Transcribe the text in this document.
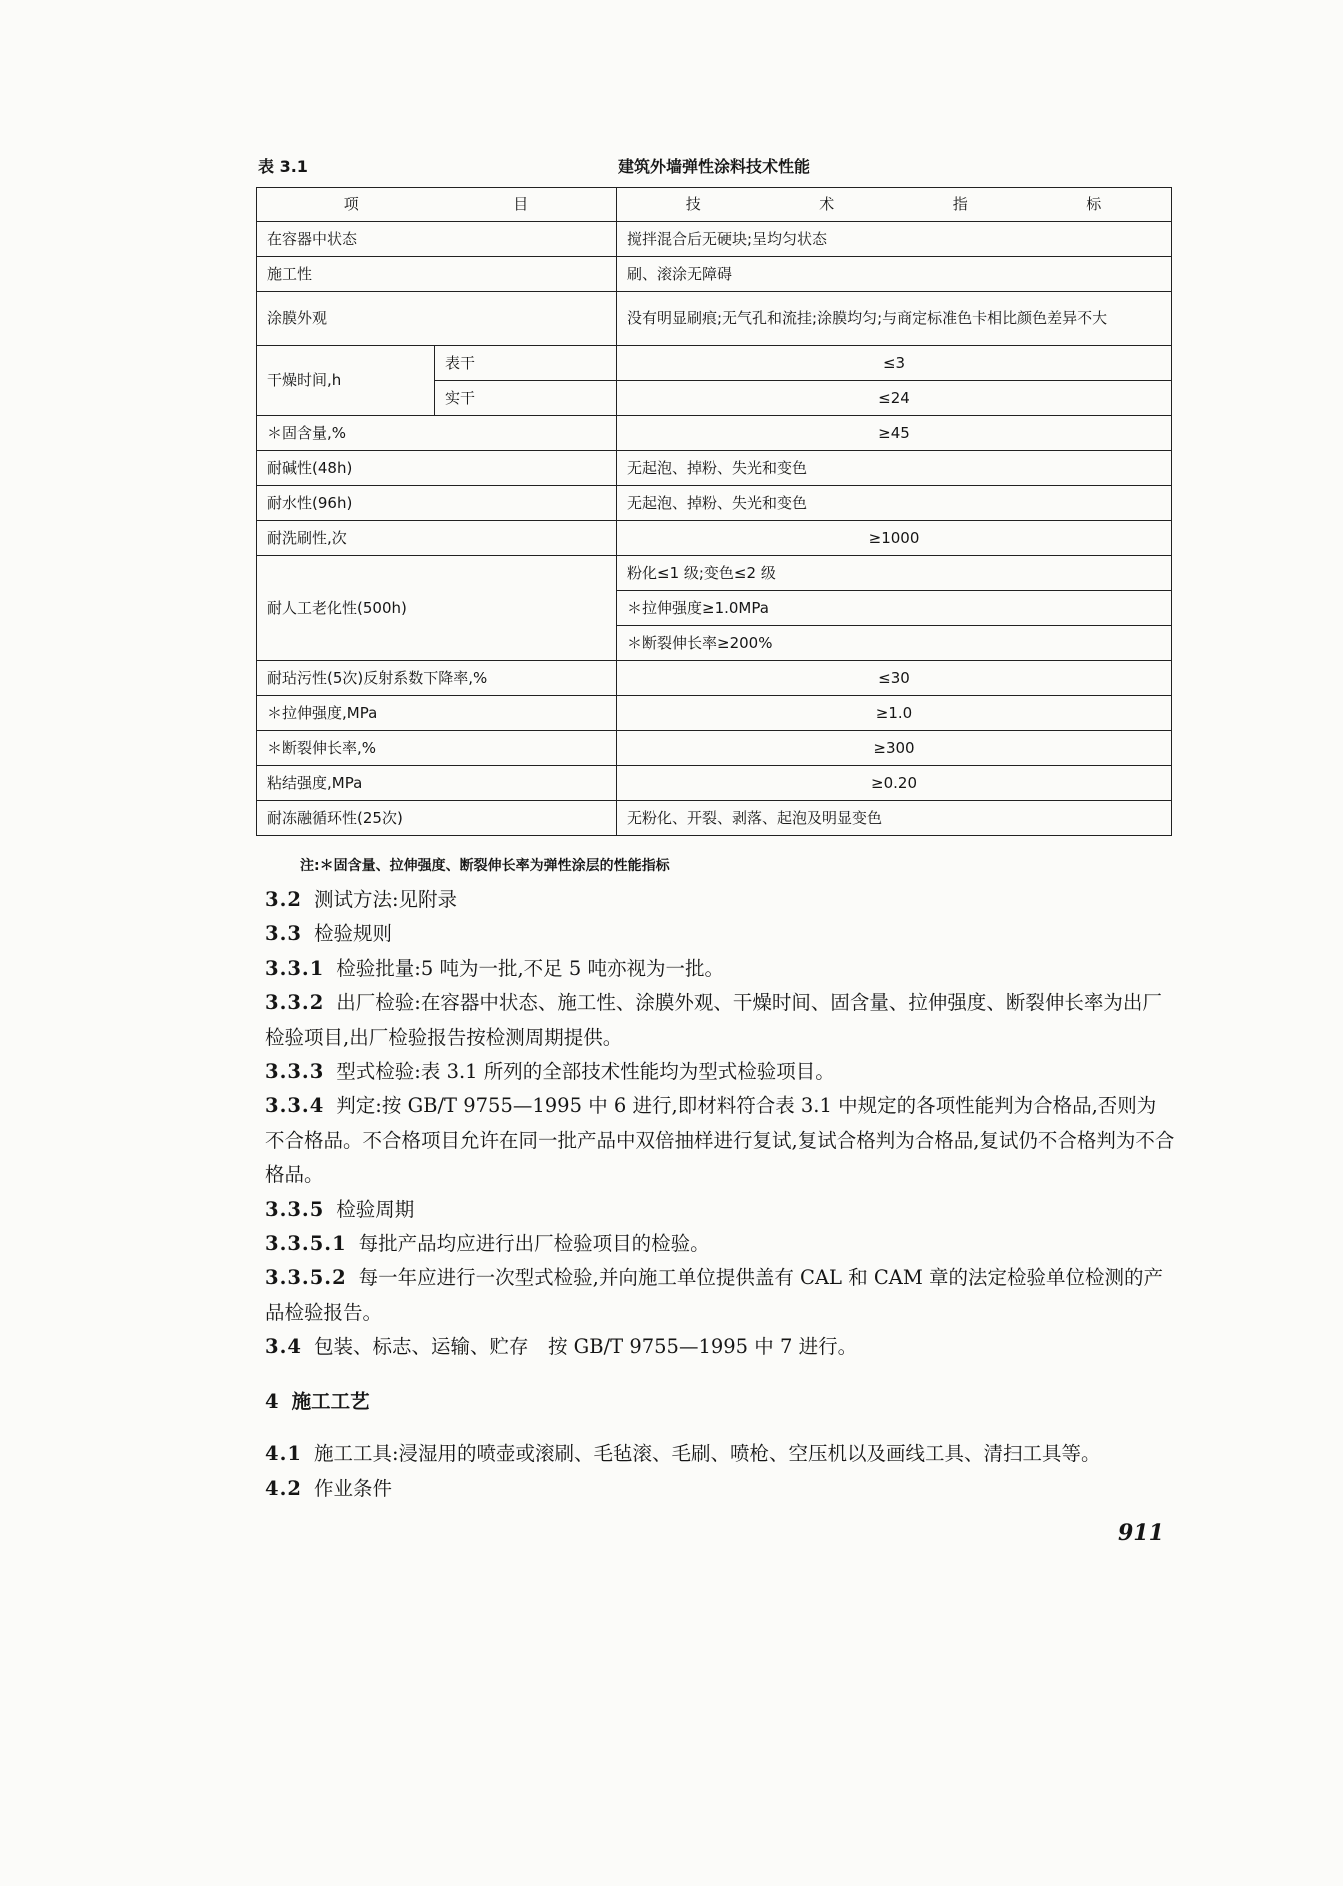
表 3.1	建筑外墙弹性涂料技术性能
项 目		技 术 指 标

在容器中状态		搅拌混合后无硬块;呈均匀状态
施工性		刷、滚涂无障碍
涂膜外观		没有明显刷痕;无气孔和流挂;涂膜均匀;与商定标准色卡相比颜色差异不大
干燥时间,h	表干	≤3
	实干	≤24
＊固含量,%		≥45
耐碱性(48h)		无起泡、掉粉、失光和变色
耐水性(96h)		无起泡、掉粉、失光和变色
耐洗刷性,次		≥1000
耐人工老化性(500h)		粉化≤1 级;变色≤2 级
		＊拉伸强度≥1.0MPa
		＊断裂伸长率≥200%
耐玷污性(5次)反射系数下降率,%		≤30
＊拉伸强度,MPa		≥1.0
＊断裂伸长率,%		≥300
粘结强度,MPa		≥0.20
耐冻融循环性(25次)		无粉化、开裂、剥落、起泡及明显变色
注:＊固含量、拉伸强度、断裂伸长率为弹性涂层的性能指标

3.2 测试方法:见附录

3.3 检验规则

3.3.1 检验批量:5 吨为一批,不足 5 吨亦视为一批。

3.3.2 出厂检验:在容器中状态、施工性、涂膜外观、干燥时间、固含量、拉伸强度、断裂伸长率为出厂检验项目,出厂检验报告按检测周期提供。

3.3.3 型式检验:表 3.1 所列的全部技术性能均为型式检验项目。

3.3.4 判定:按 GB/T 9755—1995 中 6 进行,即材料符合表 3.1 中规定的各项性能判为合格品,否则为不合格品。不合格项目允许在同一批产品中双倍抽样进行复试,复试合格判为合格品,复试仍不合格判为不合格品。

3.3.5 检验周期

3.3.5.1 每批产品均应进行出厂检验项目的检验。

3.3.5.2 每一年应进行一次型式检验,并向施工单位提供盖有 CAL 和 CAM 章的法定检验单位检测的产品检验报告。

3.4 包装、标志、运输、贮存　按 GB/T 9755—1995 中 7 进行。

4 施工工艺

4.1 施工工具:浸湿用的喷壶或滚刷、毛毡滚、毛刷、喷枪、空压机以及画线工具、清扫工具等。

4.2 作业条件

911
